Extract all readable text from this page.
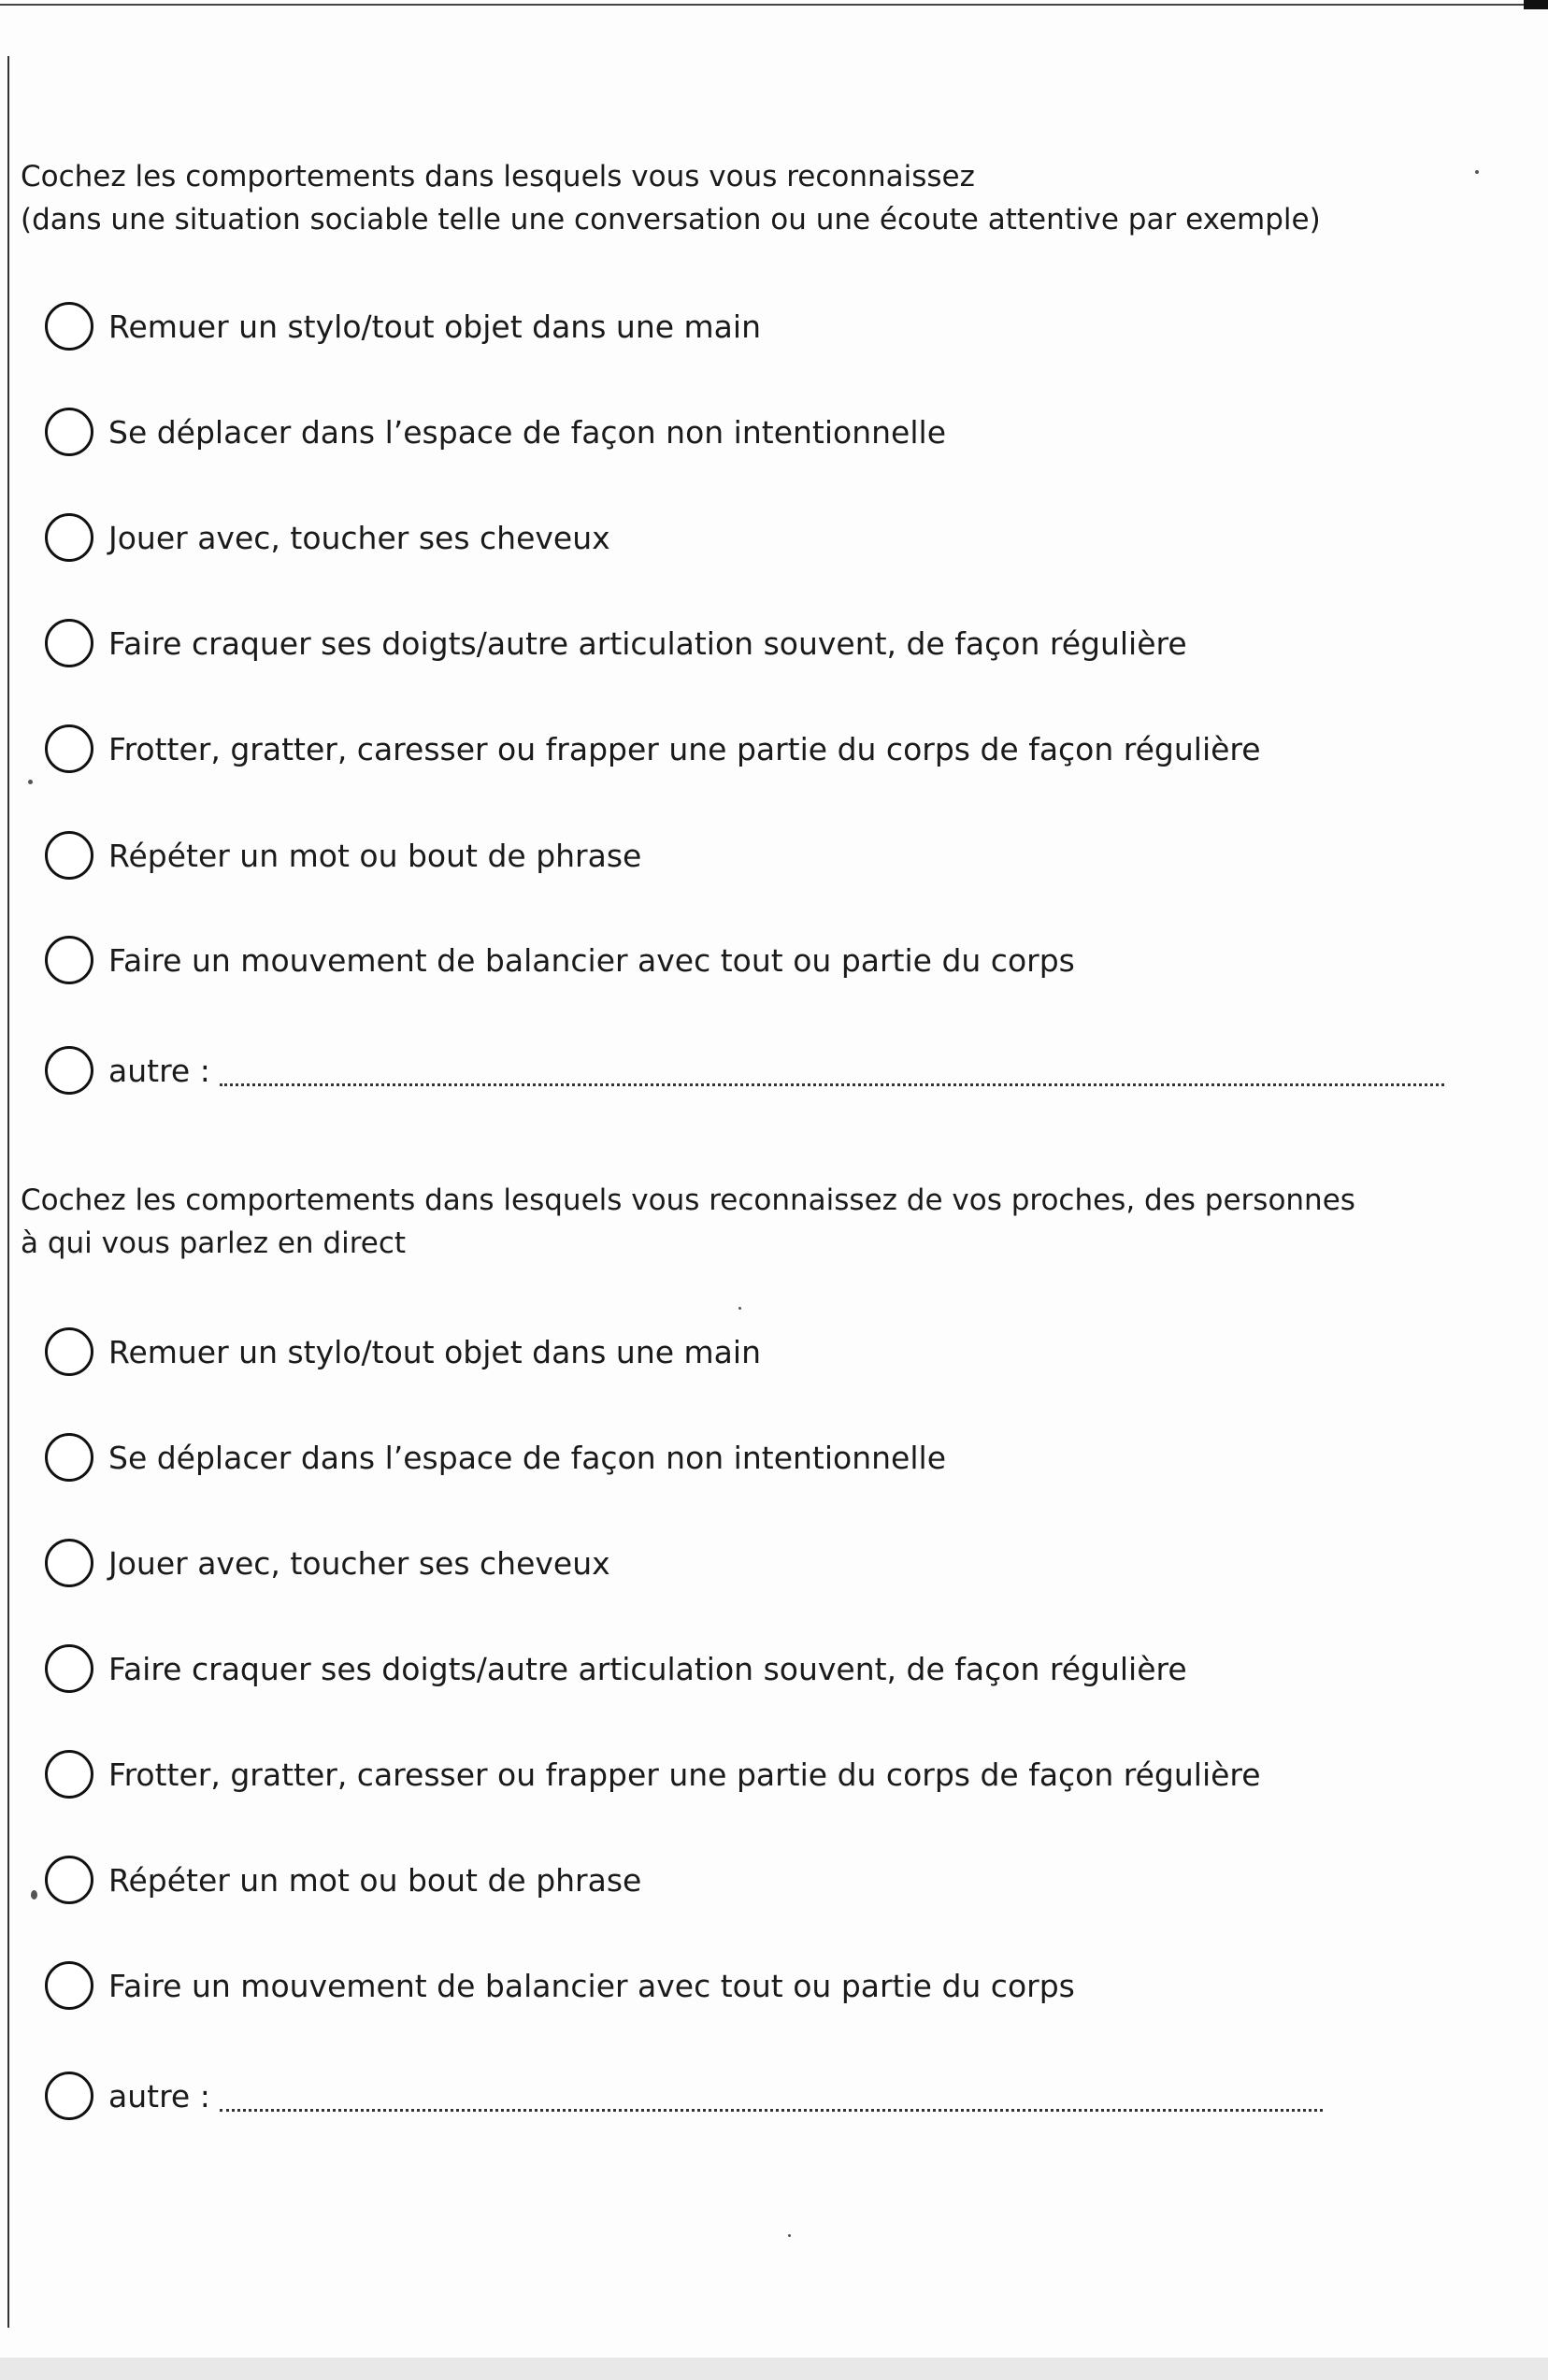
Cochez les comportements dans lesquels vous vous reconnaissez
(dans une situation sociable telle une conversation ou une écoute attentive par exemple)
Remuer un stylo/tout objet dans une main
Se déplacer dans l’espace de façon non intentionnelle
Jouer avec, toucher ses cheveux
Faire craquer ses doigts/autre articulation souvent, de façon régulière
Frotter, gratter, caresser ou frapper une partie du corps de façon régulière
Répéter un mot ou bout de phrase
Faire un mouvement de balancier avec tout ou partie du corps
autre :
Cochez les comportements dans lesquels vous reconnaissez de vos proches, des personnes
à qui vous parlez en direct
Remuer un stylo/tout objet dans une main
Se déplacer dans l’espace de façon non intentionnelle
Jouer avec, toucher ses cheveux
Faire craquer ses doigts/autre articulation souvent, de façon régulière
Frotter, gratter, caresser ou frapper une partie du corps de façon régulière
Répéter un mot ou bout de phrase
Faire un mouvement de balancier avec tout ou partie du corps
autre :
